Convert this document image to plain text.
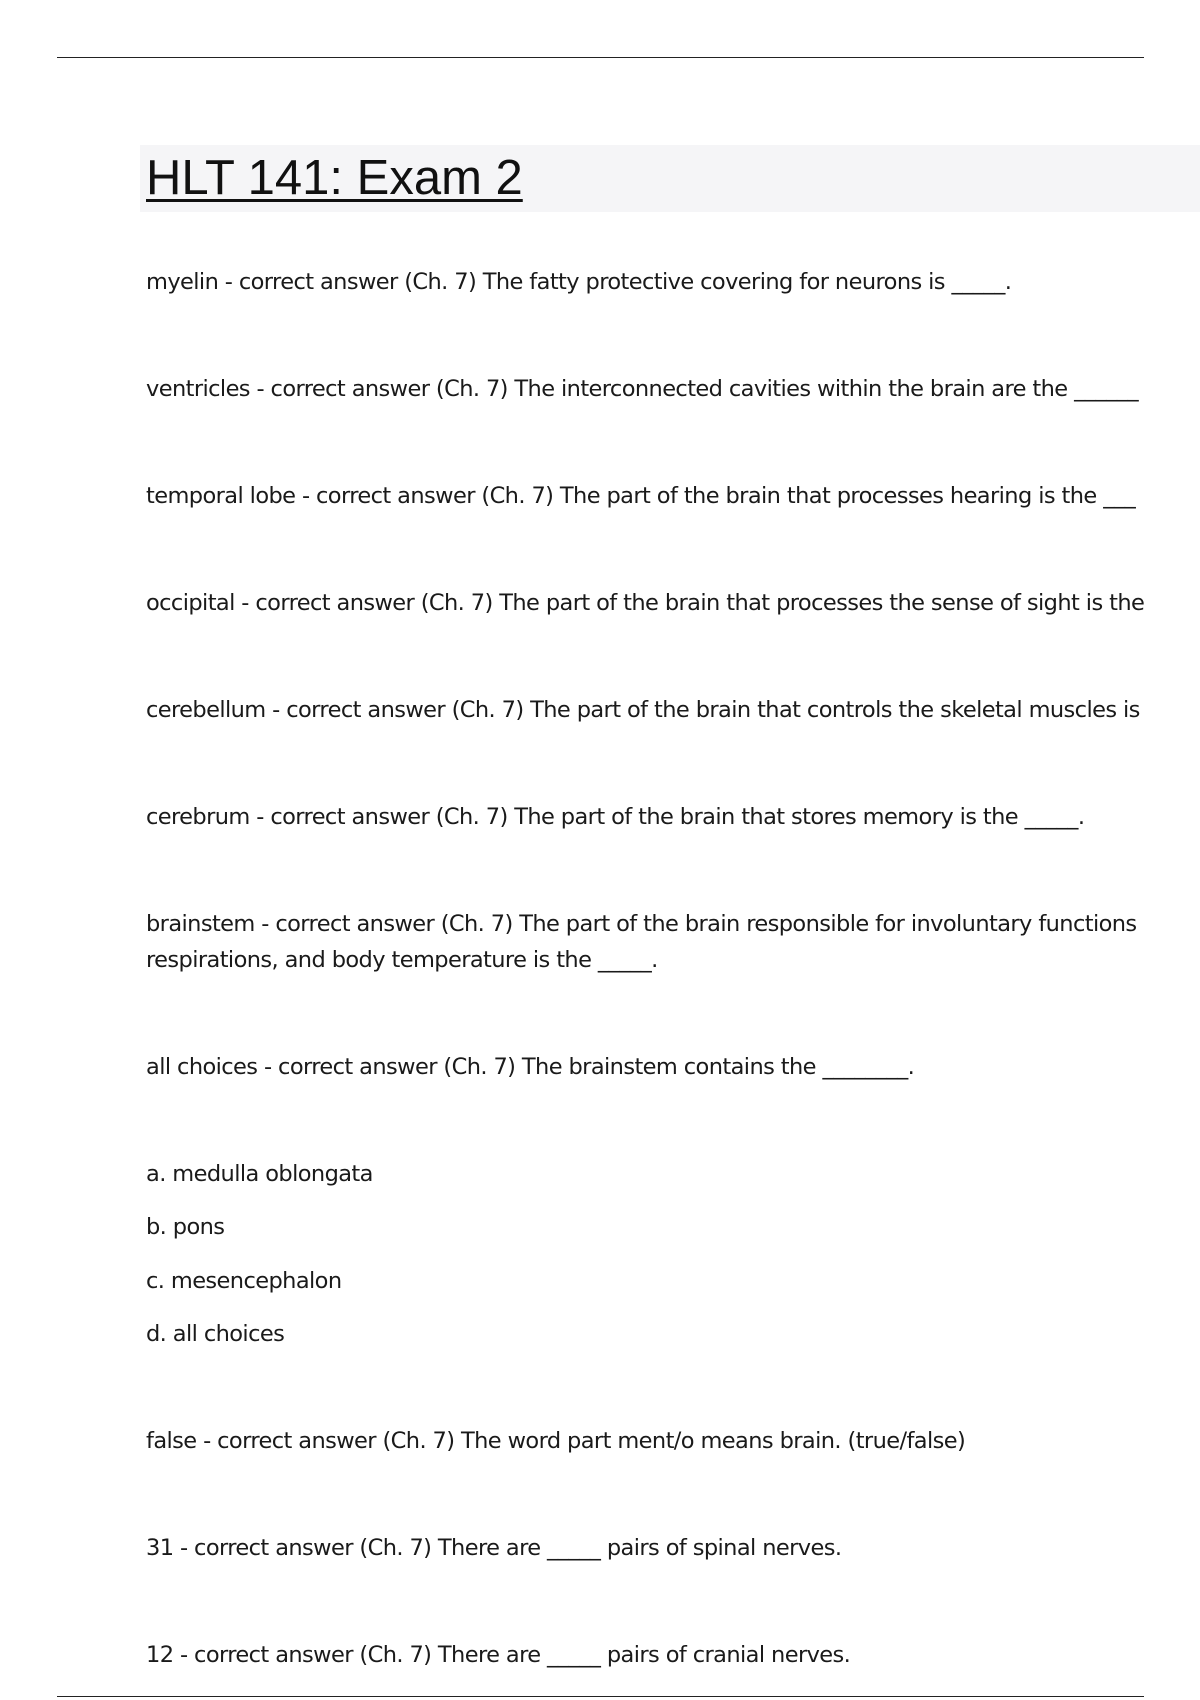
HLT 141: Exam 2

myelin - correct answer (Ch. 7) The fatty protective covering for neurons is _____.

ventricles - correct answer (Ch. 7) The interconnected cavities within the brain are the ______

temporal lobe - correct answer (Ch. 7) The part of the brain that processes hearing is the ___

occipital - correct answer (Ch. 7) The part of the brain that processes the sense of sight is the

cerebellum - correct answer (Ch. 7) The part of the brain that controls the skeletal muscles is

cerebrum - correct answer (Ch. 7) The part of the brain that stores memory is the _____.

brainstem - correct answer (Ch. 7) The part of the brain responsible for involuntary functions
respirations, and body temperature is the _____.

all choices - correct answer (Ch. 7) The brainstem contains the ________.

a. medulla oblongata
b. pons
c. mesencephalon
d. all choices

false - correct answer (Ch. 7) The word part ment/o means brain. (true/false)

31 - correct answer (Ch. 7) There are _____ pairs of spinal nerves.

12 - correct answer (Ch. 7) There are _____ pairs of cranial nerves.
